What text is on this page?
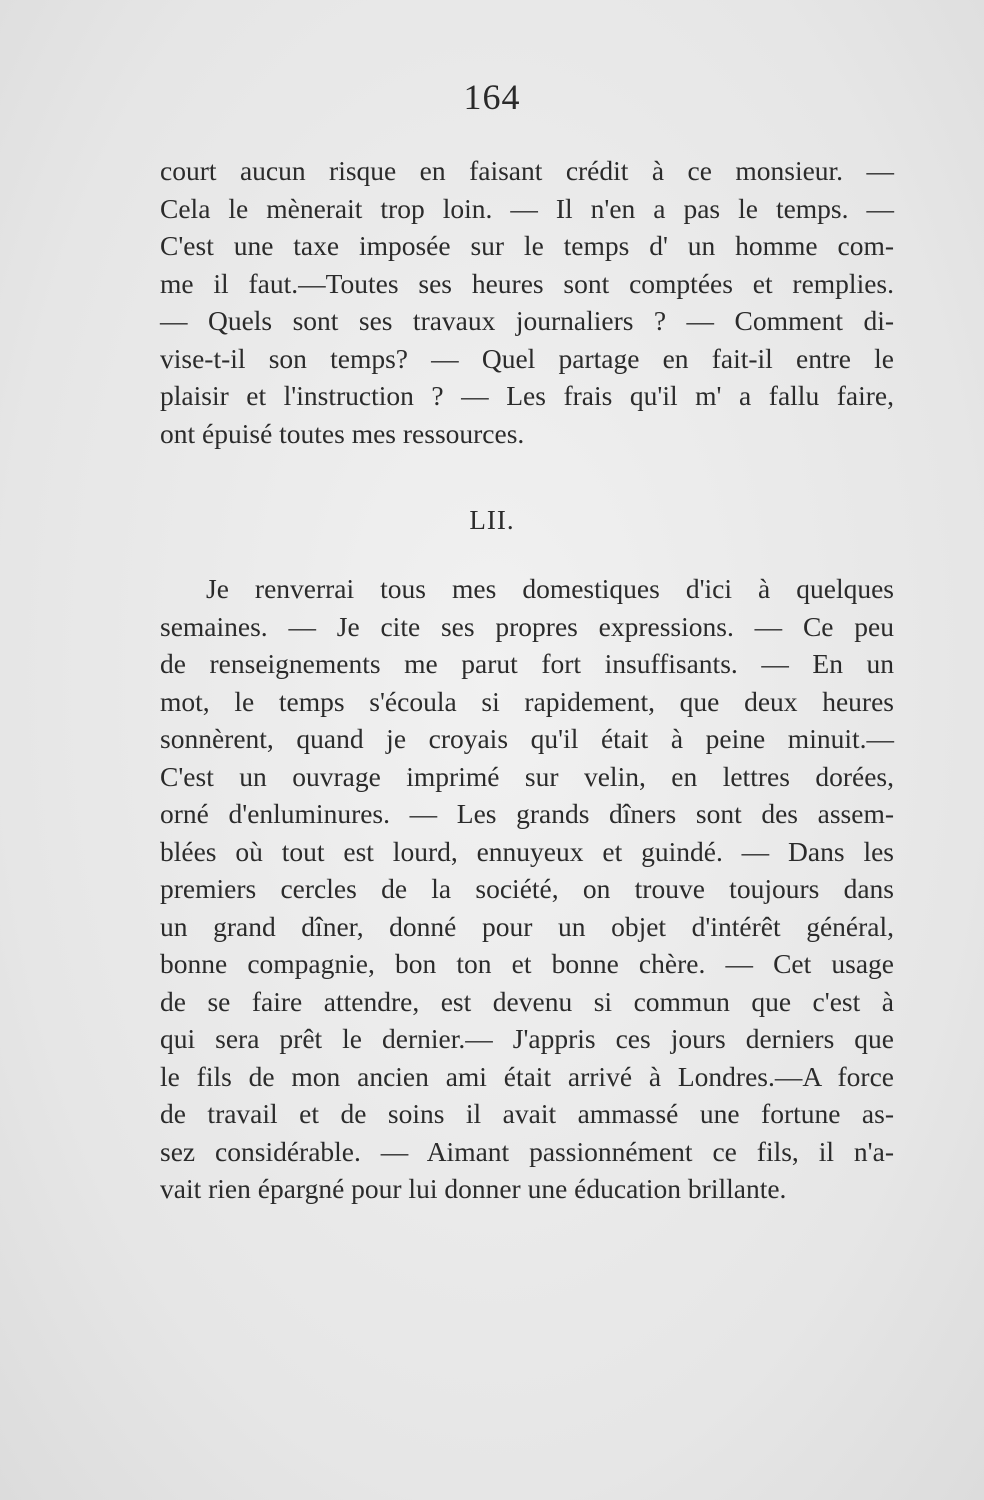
164
court aucun risque en faisant crédit à ce monsieur. —
Cela le mènerait trop loin. — Il n'en a pas le temps. —
C'est une taxe imposée sur le temps d' un homme com-
me il faut.—Toutes ses heures sont comptées et remplies.
— Quels sont ses travaux journaliers ? — Comment di-
vise-t-il son temps? — Quel partage en fait-il entre le
plaisir et l'instruction ? — Les frais qu'il m' a fallu faire,
ont épuisé toutes mes ressources.
LII.
Je renverrai tous mes domestiques d'ici à quelques
semaines. — Je cite ses propres expressions. — Ce peu
de renseignements me parut fort insuffisants. — En un
mot, le temps s'écoula si rapidement, que deux heures
sonnèrent, quand je croyais qu'il était à peine minuit.—
C'est un ouvrage imprimé sur velin, en lettres dorées,
orné d'enluminures. — Les grands dîners sont des assem-
blées où tout est lourd, ennuyeux et guindé. — Dans les
premiers cercles de la société, on trouve toujours dans
un grand dîner, donné pour un objet d'intérêt général,
bonne compagnie, bon ton et bonne chère. — Cet usage
de se faire attendre, est devenu si commun que c'est à
qui sera prêt le dernier.— J'appris ces jours derniers que
le fils de mon ancien ami était arrivé à Londres.—A force
de travail et de soins il avait ammassé une fortune as-
sez considérable. — Aimant passionnément ce fils, il n'a-
vait rien épargné pour lui donner une éducation brillante.
